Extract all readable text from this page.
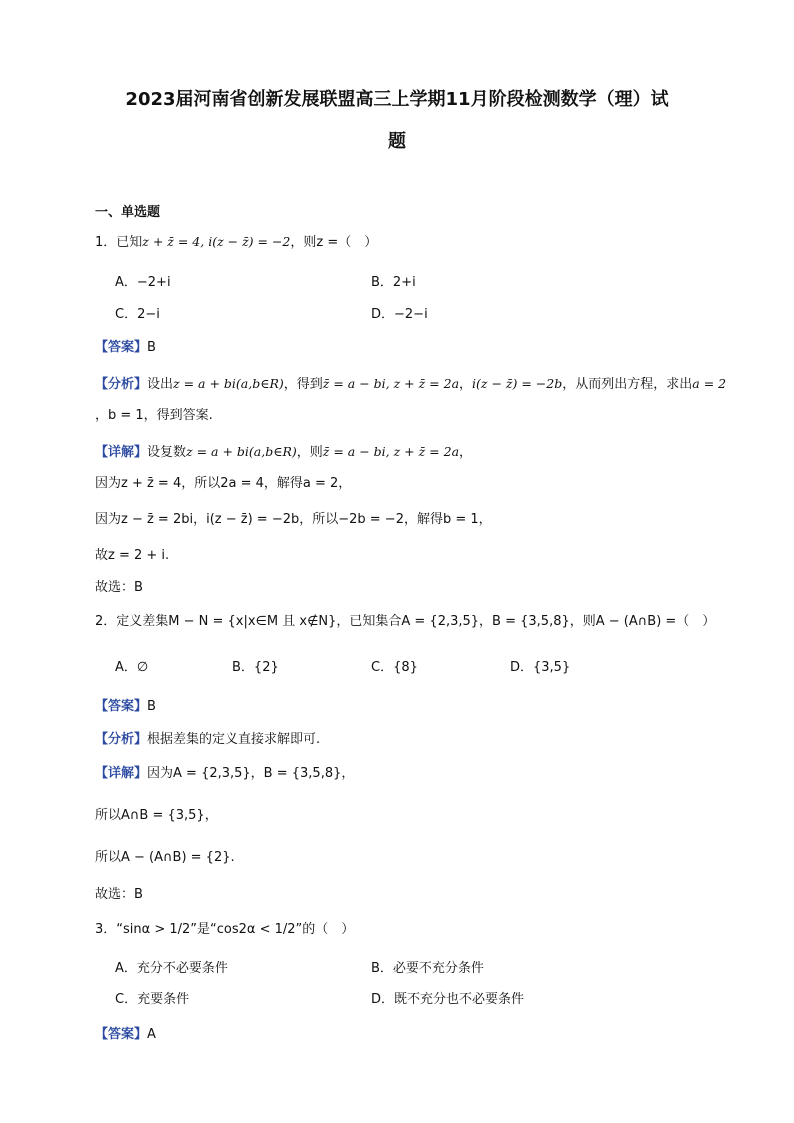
2023届河南省创新发展联盟高三上学期11月阶段检测数学（理）试
题
一、单选题
1．已知z + z̄ = 4, i(z − z̄) = −2，则z =（　）
A．−2+i	B．2+i
C．2−i	D．−2−i
【答案】B
【分析】设出z = a + bi(a,b∈R)，得到z̄ = a − bi, z + z̄ = 2a，i(z − z̄) = −2b，从而列出方程，求出a = 2
，b = 1，得到答案.
【详解】设复数z = a + bi(a,b∈R)，则z̄ = a − bi, z + z̄ = 2a，
因为z + z̄ = 4，所以2a = 4，解得a = 2，
因为z − z̄ = 2bi，i(z − z̄) = −2b，所以−2b = −2，解得b = 1，
故z = 2 + i.
故选：B
2．定义差集M − N = {x|x∈M 且 x∉N}，已知集合A = {2,3,5}，B = {3,5,8}，则A − (A∩B) =（　）
A．∅	B．{2}	C．{8}	D．{3,5}
【答案】B
【分析】根据差集的定义直接求解即可.
【详解】因为A = {2,3,5}，B = {3,5,8}，
所以A∩B = {3,5}，
所以A − (A∩B) = {2}.
故选：B
3．“sinα > 1/2”是“cos2α < 1/2”的（　）
A．充分不必要条件	B．必要不充分条件
C．充要条件	D．既不充分也不必要条件
【答案】A
